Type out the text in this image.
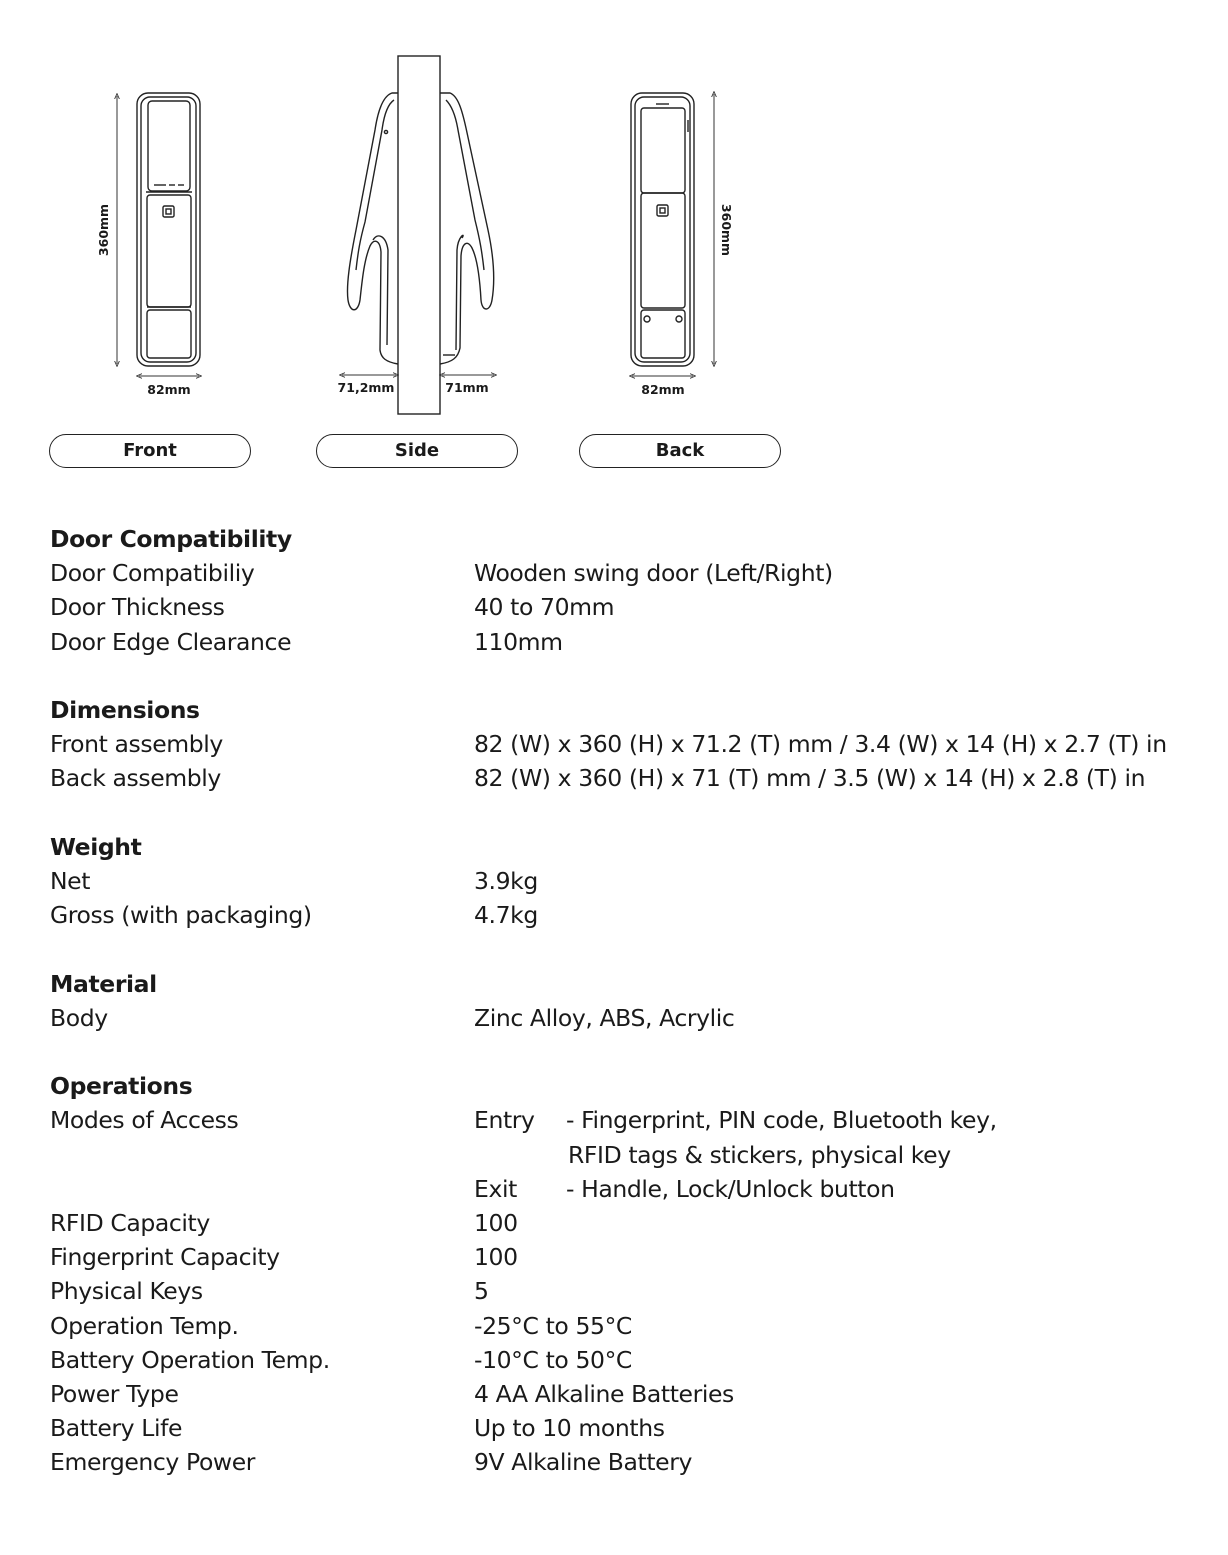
360mm
82mm	71,2mm	71mm
360mm
82mm
Front	Side	Back
Door Compatibility
Door Compatibiliy	Wooden swing door (Left/Right)
Door Thickness	40 to 70mm
Door Edge Clearance	110mm
Dimensions
Front assembly	82 (W) x 360 (H) x 71.2 (T) mm / 3.4 (W) x 14 (H) x 2.7 (T) in
Back assembly	82 (W) x 360 (H) x 71 (T) mm / 3.5 (W) x 14 (H) x 2.8 (T) in
Weight
Net	3.9kg
Gross (with packaging)	4.7kg
Material
Body	Zinc Alloy, ABS, Acrylic
Operations
Modes of Access	Entry	- Fingerprint, PIN code, Bluetooth key,
RFID tags & stickers, physical key
Exit	- Handle, Lock/Unlock button
RFID Capacity	100
Fingerprint Capacity	100
Physical Keys	5
Operation Temp.	-25°C to 55°C
Battery Operation Temp.	-10°C to 50°C
Power Type	4 AA Alkaline Batteries
Battery Life	Up to 10 months
Emergency Power	9V Alkaline Battery
